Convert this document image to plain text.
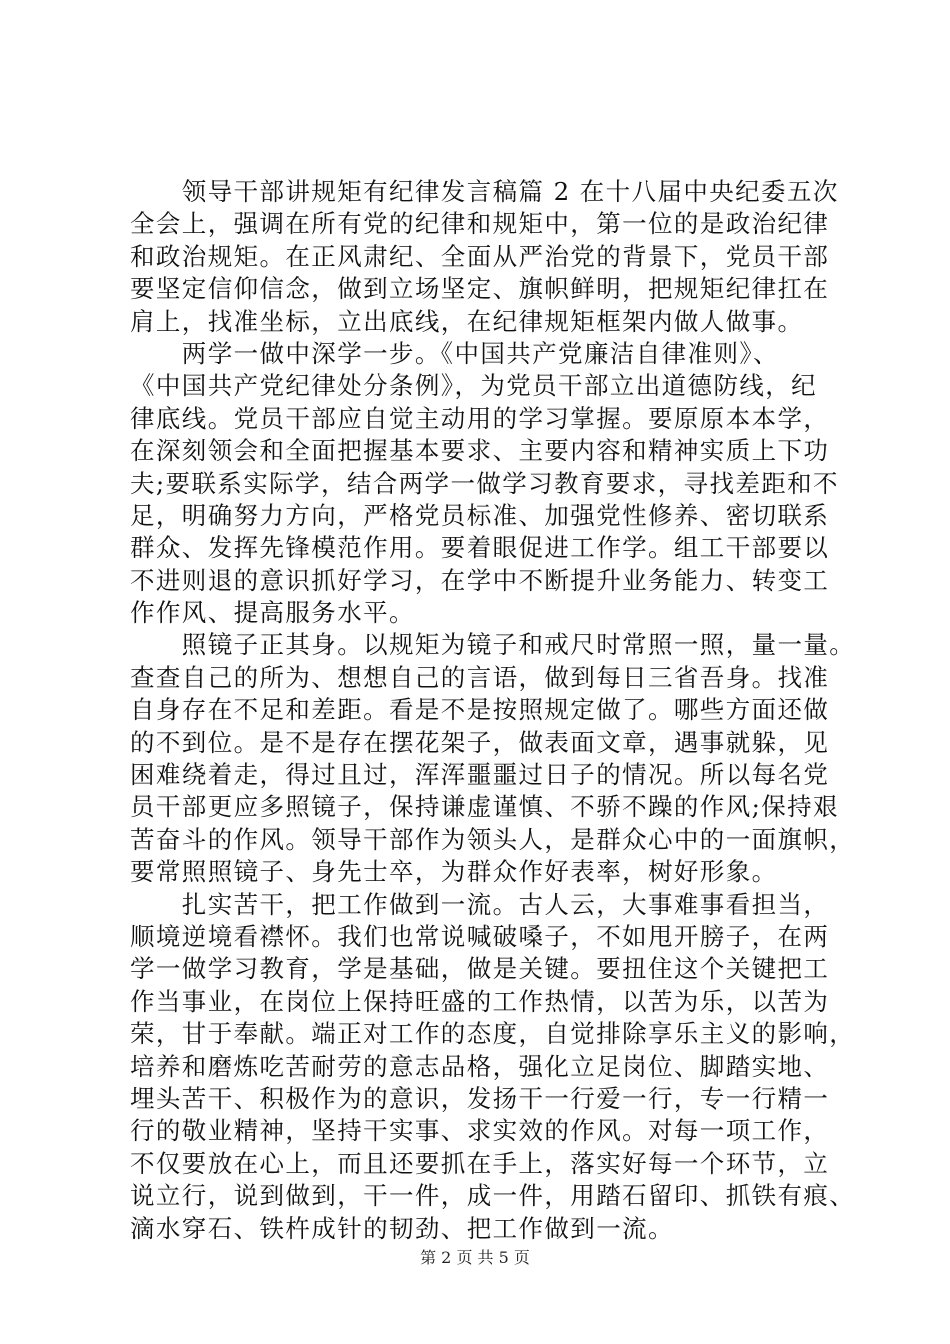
　　领导干部讲规矩有纪律发言稿篇 2 在十八届中央纪委五次
全会上，强调在所有党的纪律和规矩中，第一位的是政治纪律
和政治规矩。在正风肃纪、全面从严治党的背景下，党员干部
要坚定信仰信念，做到立场坚定、旗帜鲜明，把规矩纪律扛在
肩上，找准坐标，立出底线，在纪律规矩框架内做人做事。
　　两学一做中深学一步。《中国共产党廉洁自律准则》、
《中国共产党纪律处分条例》，为党员干部立出道德防线，纪
律底线。党员干部应自觉主动用的学习掌握。要原原本本学，
在深刻领会和全面把握基本要求、主要内容和精神实质上下功
夫;要联系实际学，结合两学一做学习教育要求，寻找差距和不
足，明确努力方向，严格党员标准、加强党性修养、密切联系
群众、发挥先锋模范作用。要着眼促进工作学。组工干部要以
不进则退的意识抓好学习，在学中不断提升业务能力、转变工
作作风、提高服务水平。
　　照镜子正其身。以规矩为镜子和戒尺时常照一照，量一量。
查查自己的所为、想想自己的言语，做到每日三省吾身。找准
自身存在不足和差距。看是不是按照规定做了。哪些方面还做
的不到位。是不是存在摆花架子，做表面文章，遇事就躲，见
困难绕着走，得过且过，浑浑噩噩过日子的情况。所以每名党
员干部更应多照镜子，保持谦虚谨慎、不骄不躁的作风;保持艰
苦奋斗的作风。领导干部作为领头人，是群众心中的一面旗帜，
要常照照镜子、身先士卒，为群众作好表率，树好形象。
　　扎实苦干，把工作做到一流。古人云，大事难事看担当，
顺境逆境看襟怀。我们也常说喊破嗓子，不如甩开膀子，在两
学一做学习教育，学是基础，做是关键。要扭住这个关键把工
作当事业，在岗位上保持旺盛的工作热情，以苦为乐，以苦为
荣，甘于奉献。端正对工作的态度，自觉排除享乐主义的影响，
培养和磨炼吃苦耐劳的意志品格，强化立足岗位、脚踏实地、
埋头苦干、积极作为的意识，发扬干一行爱一行，专一行精一
行的敬业精神，坚持干实事、求实效的作风。对每一项工作，
不仅要放在心上，而且还要抓在手上，落实好每一个环节，立
说立行，说到做到，干一件，成一件，用踏石留印、抓铁有痕、
滴水穿石、铁杵成针的韧劲、把工作做到一流。
第 2 页 共 5 页
